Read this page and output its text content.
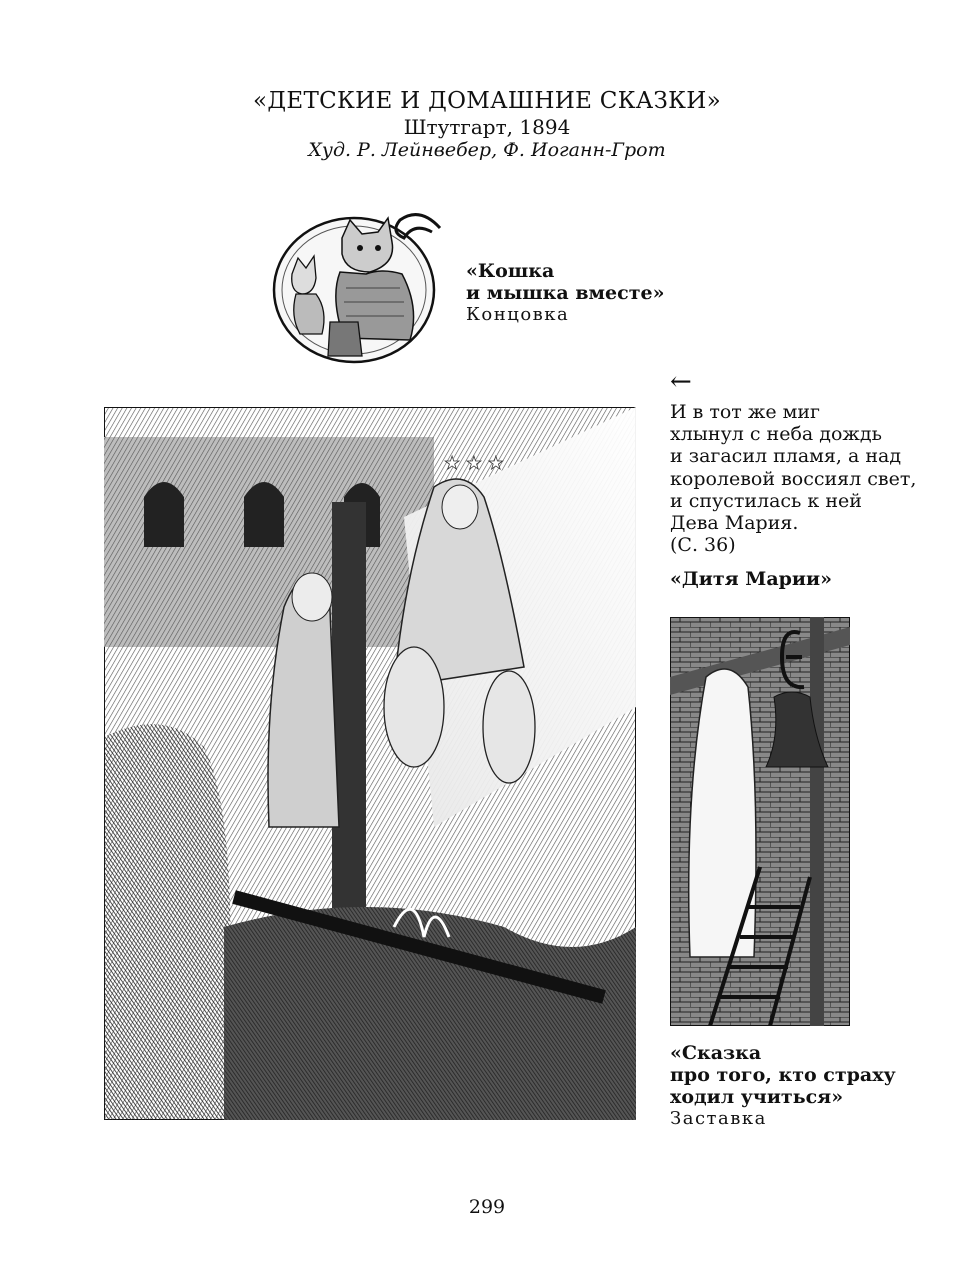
«ДЕТСКИЕ И ДОМАШНИЕ СКАЗКИ»
Штутгарт, 1894
Худ. Р. Лейнвебер, Ф. Иоганн-Грот
«Кошка
и мышка вместе»
Концовка
←
И в тот же миг
хлынул с неба дождь
и загасил пламя, а над
королевой воссиял свет,
и спустилась к ней
Дева Мария.
(С. 36)
«Дитя Марии»
★ ★ ★
«Сказка
про того, кто страху
ходил учиться»
Заставка
299
